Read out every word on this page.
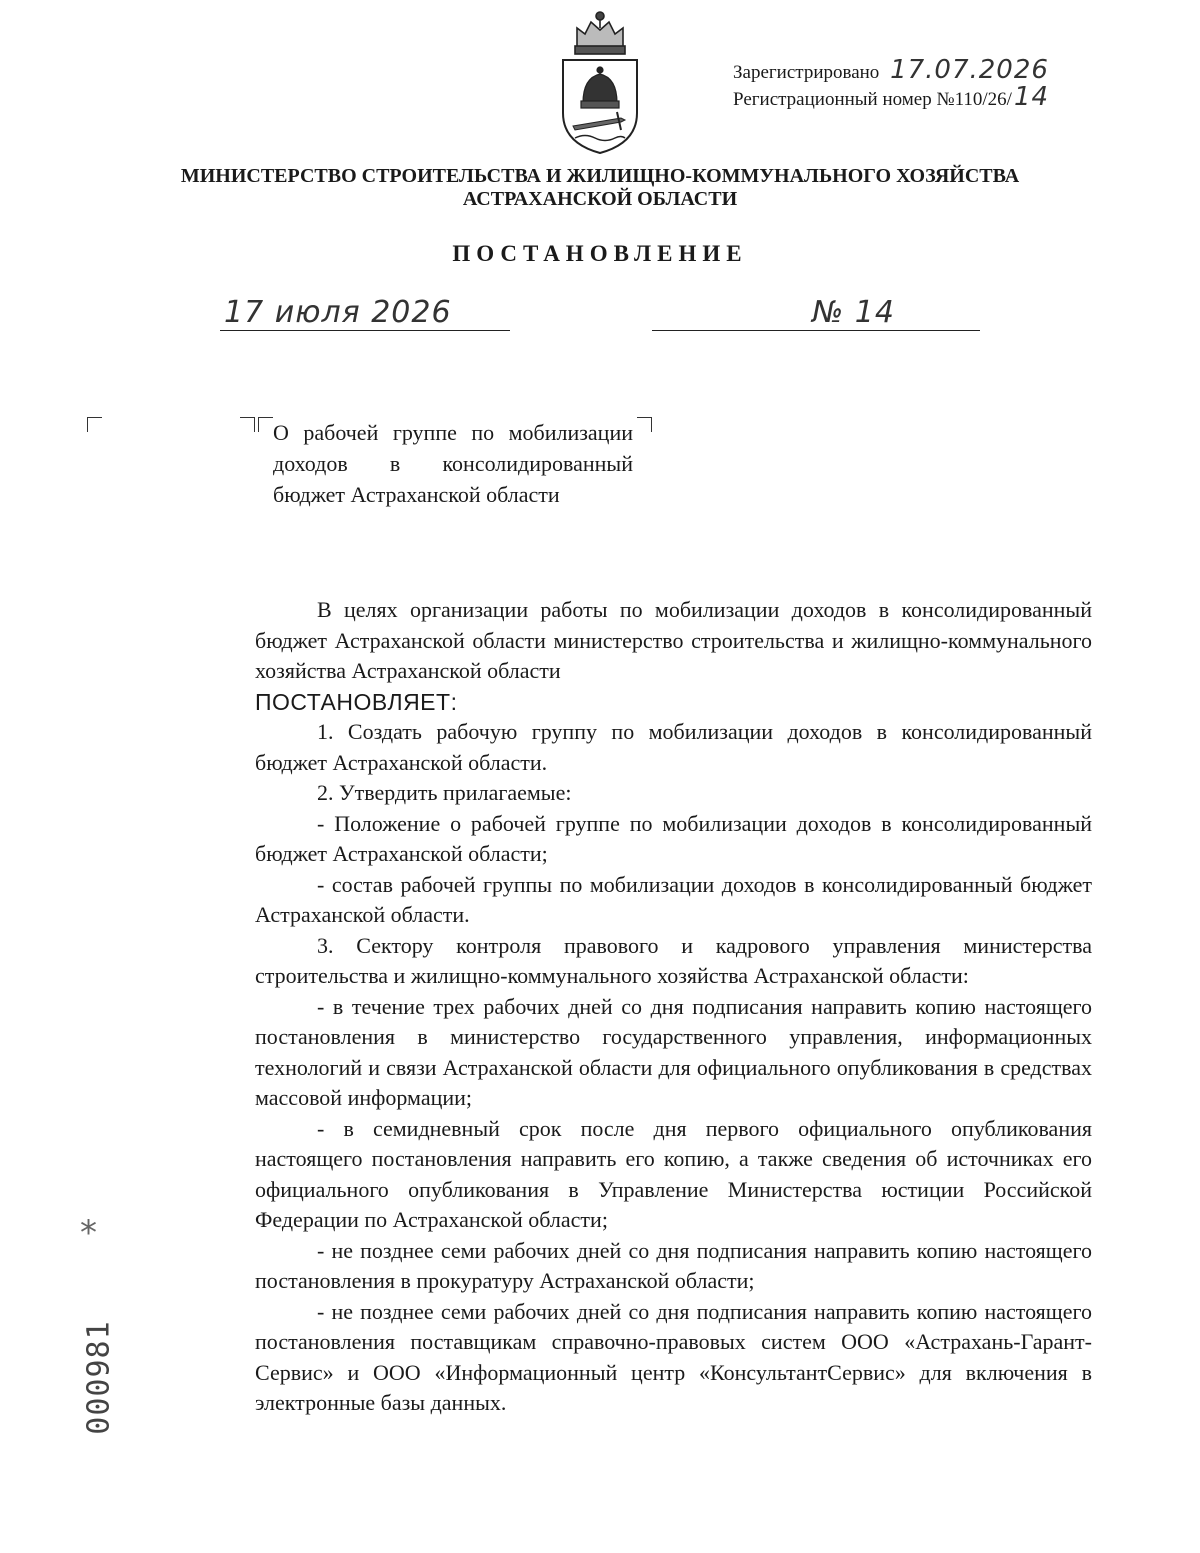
Зарегистрировано 17.07.2026
Регистрационный номер №110/26/14
МИНИСТЕРСТВО СТРОИТЕЛЬСТВА И ЖИЛИЩНО-КОММУНАЛЬНОГО ХОЗЯЙСТВА
АСТРАХАНСКОЙ ОБЛАСТИ
ПОСТАНОВЛЕНИЕ
17 июля 2026	№ 14
О рабочей группе по мобилизации доходов в консолидированный бюджет Астраханской области

В целях организации работы по мобилизации доходов в консолидированный бюджет Астраханской области министерство строительства и жилищно-коммунального хозяйства Астраханской области

ПОСТАНОВЛЯЕТ:

1. Создать рабочую группу по мобилизации доходов в консолидированный бюджет Астраханской области.

2. Утвердить прилагаемые:

- Положение о рабочей группе по мобилизации доходов в консолидированный бюджет Астраханской области;

- состав рабочей группы по мобилизации доходов в консолидированный бюджет Астраханской области.

3. Сектору контроля правового и кадрового управления министерства строительства и жилищно-коммунального хозяйства Астраханской области:

- в течение трех рабочих дней со дня подписания направить копию настоящего постановления в министерство государственного управления, информационных технологий и связи Астраханской области для официального опубликования в средствах массовой информации;

- в семидневный срок после дня первого официального опубликования настоящего постановления направить его копию, а также сведения об источниках его официального опубликования в Управление Министерства юстиции Российской Федерации по Астраханской области;

- не позднее семи рабочих дней со дня подписания направить копию настоящего постановления в прокуратуру Астраханской области;

- не позднее семи рабочих дней со дня подписания направить копию настоящего постановления поставщикам справочно-правовых систем ООО «Астрахань-Гарант-Сервис» и ООО «Информационный центр «КонсультантСервис» для включения в электронные базы данных.

*
000981
